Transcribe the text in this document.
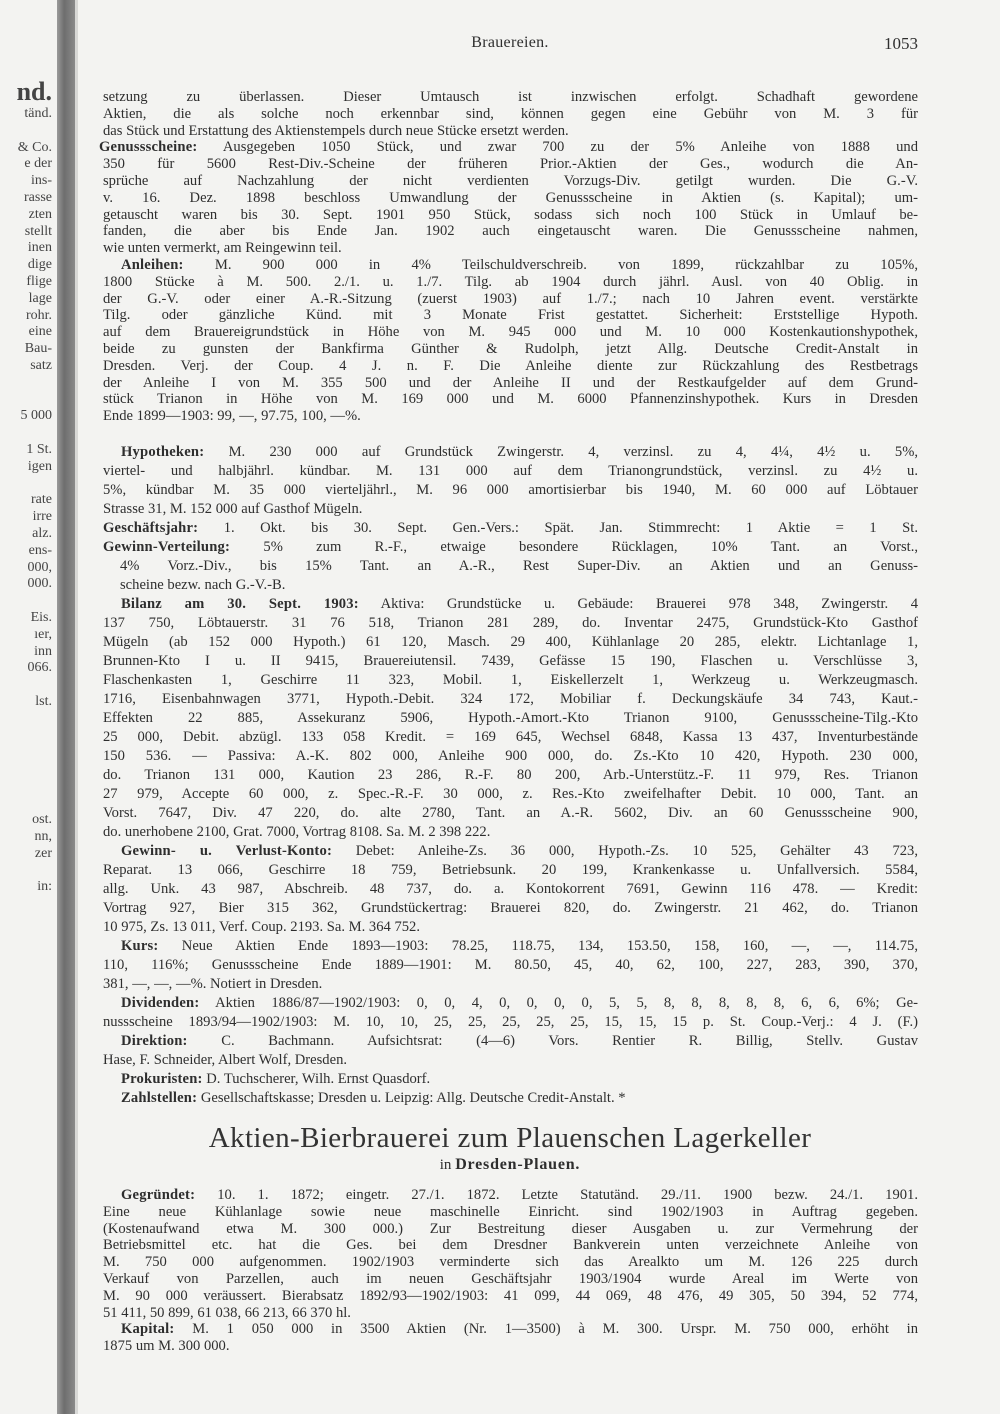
nd.
tänd.

& Co.
e der
ins-
rasse
zten
stellt
inen
dige
flige
lage
rohr.
eine
Bau-
satz

5 000

1 St.
igen

rate
irre
alz.
ens-
000,
000.

Eis.
ıer,
inn
066.

lst.
ost.
nn,
zer

in:
Brauereien.	1053
setzung zu überlassen. Dieser Umtausch ist inzwischen erfolgt. Schadhaft gewordene
Aktien, die als solche noch erkennbar sind, können gegen eine Gebühr von M. 3 für
das Stück und Erstattung des Aktienstempels durch neue Stücke ersetzt werden.
Genussscheine: Ausgegeben 1050 Stück, und zwar 700 zu der 5% Anleihe von 1888 und
350 für 5600 Rest-Div.-Scheine der früheren Prior.-Aktien der Ges., wodurch die An-
sprüche auf Nachzahlung der nicht verdienten Vorzugs-Div. getilgt wurden. Die G.-V.
v. 16. Dez. 1898 beschloss Umwandlung der Genussscheine in Aktien (s. Kapital); um-
getauscht waren bis 30. Sept. 1901 950 Stück, sodass sich noch 100 Stück in Umlauf be-
fanden, die aber bis Ende Jan. 1902 auch eingetauscht waren. Die Genussscheine nahmen,
wie unten vermerkt, am Reingewinn teil.
Anleihen: M. 900 000 in 4% Teilschuldverschreib. von 1899, rückzahlbar zu 105%,
1800 Stücke à M. 500. 2./1. u. 1./7. Tilg. ab 1904 durch jährl. Ausl. von 40 Oblig. in
der G.-V. oder einer A.-R.-Sitzung (zuerst 1903) auf 1./7.; nach 10 Jahren event. verstärkte
Tilg. oder gänzliche Künd. mit 3 Monate Frist gestattet. Sicherheit: Erststellige Hypoth.
auf dem Brauereigrundstück in Höhe von M. 945 000 und M. 10 000 Kostenkautionshypothek,
beide zu gunsten der Bankfirma Günther & Rudolph, jetzt Allg. Deutsche Credit-Anstalt in
Dresden. Verj. der Coup. 4 J. n. F. Die Anleihe diente zur Rückzahlung des Restbetrags
der Anleihe I von M. 355 500 und der Anleihe II und der Restkaufgelder auf dem Grund-
stück Trianon in Höhe von M. 169 000 und M. 6000 Pfannenzinshypothek. Kurs in Dresden
Ende 1899—1903: 99, —, 97.75, 100, —%.
Hypotheken: M. 230 000 auf Grundstück Zwingerstr. 4, verzinsl. zu 4, 4¼, 4½ u. 5%,
viertel- und halbjährl. kündbar. M. 131 000 auf dem Trianongrundstück, verzinsl. zu 4½ u.
5%, kündbar M. 35 000 vierteljährl., M. 96 000 amortisierbar bis 1940, M. 60 000 auf Löbtauer
Strasse 31, M. 152 000 auf Gasthof Mügeln.
Geschäftsjahr: 1. Okt. bis 30. Sept. Gen.-Vers.: Spät. Jan. Stimmrecht: 1 Aktie = 1 St.
Gewinn-Verteilung: 5% zum R.-F., etwaige besondere Rücklagen, 10% Tant. an Vorst.,
4% Vorz.-Div., bis 15% Tant. an A.-R., Rest Super-Div. an Aktien und an Genuss-
scheine bezw. nach G.-V.-B.
Bilanz am 30. Sept. 1903: Aktiva: Grundstücke u. Gebäude: Brauerei 978 348, Zwingerstr. 4
137 750, Löbtauerstr. 31 76 518, Trianon 281 289, do. Inventar 2475, Grundstück-Kto Gasthof
Mügeln (ab 152 000 Hypoth.) 61 120, Masch. 29 400, Kühlanlage 20 285, elektr. Lichtanlage 1,
Brunnen-Kto I u. II 9415, Brauereiutensil. 7439, Gefässe 15 190, Flaschen u. Verschlüsse 3,
Flaschenkasten 1, Geschirre 11 323, Mobil. 1, Eiskellerzelt 1, Werkzeug u. Werkzeugmasch.
1716, Eisenbahnwagen 3771, Hypoth.-Debit. 324 172, Mobiliar f. Deckungskäufe 34 743, Kaut.-
Effekten 22 885, Assekuranz 5906, Hypoth.-Amort.-Kto Trianon 9100, Genussscheine-Tilg.-Kto
25 000, Debit. abzügl. 133 058 Kredit. = 169 645, Wechsel 6848, Kassa 13 437, Inventurbestände
150 536. — Passiva: A.-K. 802 000, Anleihe 900 000, do. Zs.-Kto 10 420, Hypoth. 230 000,
do. Trianon 131 000, Kaution 23 286, R.-F. 80 200, Arb.-Unterstütz.-F. 11 979, Res. Trianon
27 979, Accepte 60 000, z. Spec.-R.-F. 30 000, z. Res.-Kto zweifelhafter Debit. 10 000, Tant. an
Vorst. 7647, Div. 47 220, do. alte 2780, Tant. an A.-R. 5602, Div. an 60 Genussscheine 900,
do. unerhobene 2100, Grat. 7000, Vortrag 8108. Sa. M. 2 398 222.
Gewinn- u. Verlust-Konto: Debet: Anleihe-Zs. 36 000, Hypoth.-Zs. 10 525, Gehälter 43 723,
Reparat. 13 066, Geschirre 18 759, Betriebsunk. 20 199, Krankenkasse u. Unfallversich. 5584,
allg. Unk. 43 987, Abschreib. 48 737, do. a. Kontokorrent 7691, Gewinn 116 478. — Kredit:
Vortrag 927, Bier 315 362, Grundstückertrag: Brauerei 820, do. Zwingerstr. 21 462, do. Trianon
10 975, Zs. 13 011, Verf. Coup. 2193. Sa. M. 364 752.
Kurs: Neue Aktien Ende 1893—1903: 78.25, 118.75, 134, 153.50, 158, 160, —, —, 114.75,
110, 116%; Genussscheine Ende 1889—1901: M. 80.50, 45, 40, 62, 100, 227, 283, 390, 370,
381, —, —, —%. Notiert in Dresden.
Dividenden: Aktien 1886/87—1902/1903: 0, 0, 4, 0, 0, 0, 0, 5, 5, 8, 8, 8, 8, 8, 6, 6, 6%; Ge-
nussscheine 1893/94—1902/1903: M. 10, 10, 25, 25, 25, 25, 25, 15, 15, 15 p. St. Coup.-Verj.: 4 J. (F.)
Direktion: C. Bachmann. Aufsichtsrat: (4—6) Vors. Rentier R. Billig, Stellv. Gustav
Hase, F. Schneider, Albert Wolf, Dresden.
Prokuristen: D. Tuchscherer, Wilh. Ernst Quasdorf.
Zahlstellen: Gesellschaftskasse; Dresden u. Leipzig: Allg. Deutsche Credit-Anstalt. *
Aktien-Bierbrauerei zum Plauenschen Lagerkeller
in Dresden-Plauen.
Gegründet: 10. 1. 1872; eingetr. 27./1. 1872. Letzte Statutänd. 29./11. 1900 bezw. 24./1. 1901.
Eine neue Kühlanlage sowie neue maschinelle Einricht. sind 1902/1903 in Auftrag gegeben.
(Kostenaufwand etwa M. 300 000.) Zur Bestreitung dieser Ausgaben u. zur Vermehrung der
Betriebsmittel etc. hat die Ges. bei dem Dresdner Bankverein unten verzeichnete Anleihe von
M. 750 000 aufgenommen. 1902/1903 verminderte sich das Arealkto um M. 126 225 durch
Verkauf von Parzellen, auch im neuen Geschäftsjahr 1903/1904 wurde Areal im Werte von
M. 90 000 veräussert. Bierabsatz 1892/93—1902/1903: 41 099, 44 069, 48 476, 49 305, 50 394, 52 774,
51 411, 50 899, 61 038, 66 213, 66 370 hl.
Kapital: M. 1 050 000 in 3500 Aktien (Nr. 1—3500) à M. 300. Urspr. M. 750 000, erhöht in
1875 um M. 300 000.
